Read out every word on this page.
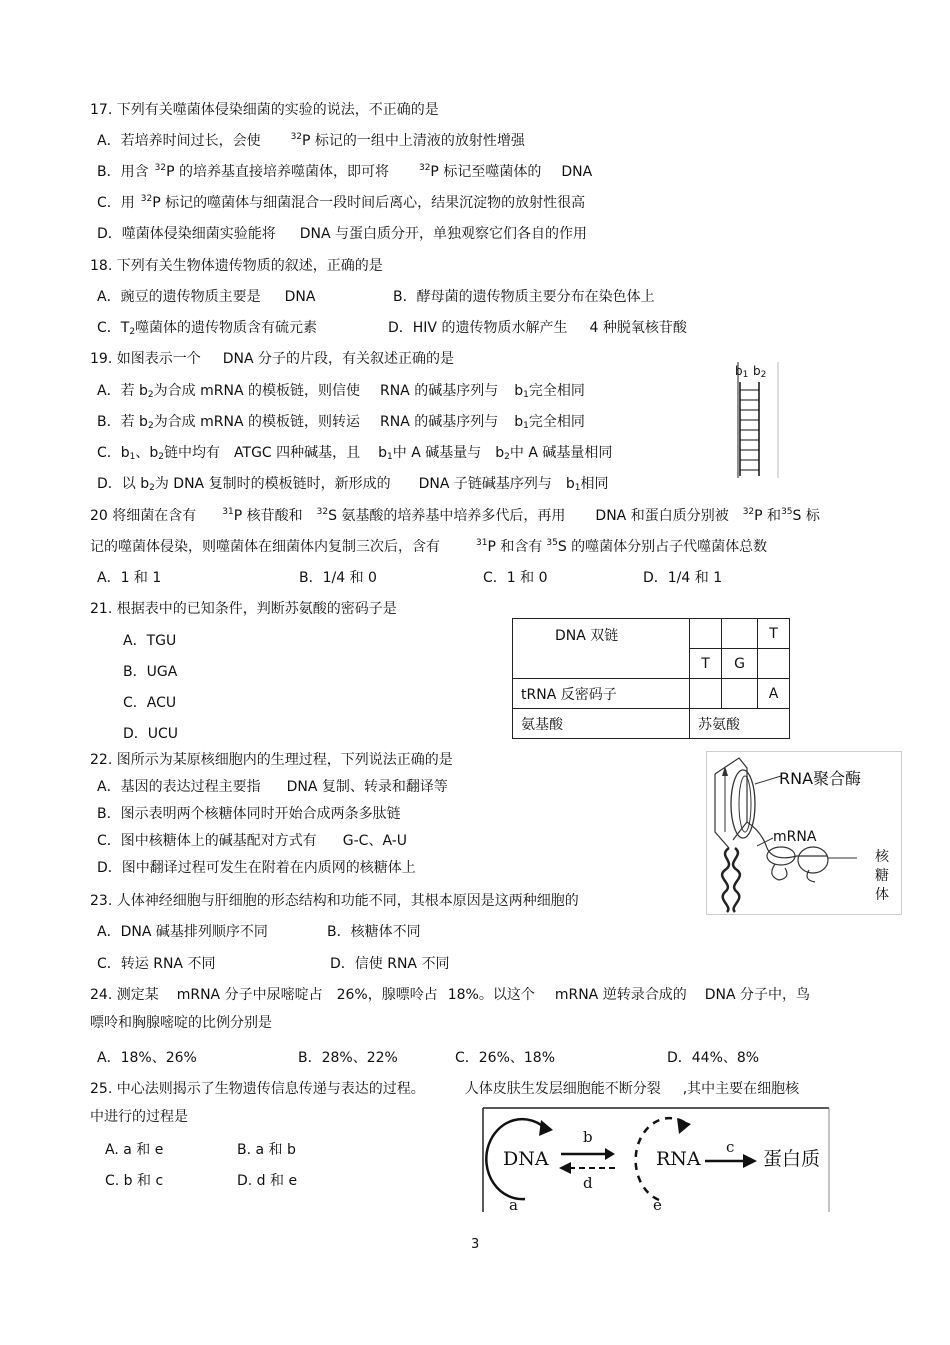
17. 下列有关噬菌体侵染细菌的实验的说法，不正确的是
A．若培养时间过长，会使	$^{32}$P 标记的一组中上清液的放射性增强
B．用含 $^{32}$P 的培养基直接培养噬菌体，即可将	$^{32}$P 标记至噬菌体的 DNA
C．用 $^{32}$P 标记的噬菌体与细菌混合一段时间后离心，结果沉淀物的放射性很高
D．噬菌体侵染细菌实验能将 DNA 与蛋白质分开，单独观察它们各自的作用
18. 下列有关生物体遗传物质的叙述，正确的是
A．豌豆的遗传物质主要是 DNA	B．酵母菌的遗传物质主要分布在染色体上
C．$T_2$噬菌体的遗传物质含有硫元素	D．HIV 的遗传物质水解产生 4 种脱氧核苷酸
19. 如图表示一个 DNA 分子的片段，有关叙述正确的是
A．若 $b_2$为合成 mRNA 的模板链，则信使 RNA 的碱基序列与 $b_1$完全相同
B．若 $b_2$为合成 mRNA 的模板链，则转运 RNA 的碱基序列与 $b_1$完全相同
C．$b_1$、$b_2$链中均有 ATGC 四种碱基，且 $b_1$中 A 碱基量与 $b_2$中 A 碱基量相同
D．以 $b_2$为 DNA 复制时的模板链时，新形成的 DNA 子链碱基序列与 $b_1$相同
$b_1$ $b_2$
20 将细菌在含有	$^{31}$P 核苷酸和 $^{32}$S 氨基酸的培养基中培养多代后，再用 DNA 和蛋白质分别被 $^{32}$P 和$^{35}$S 标
记的噬菌体侵染，则噬菌体在细菌体内复制三次后，含有	$^{31}$P 和含有 $^{35}$S 的噬菌体分别占子代噬菌体总数
A．1 和 1	B．1/4 和 0	C．1 和 0	D．1/4 和 1
21. 根据表中的已知条件，判断苏氨酸的密码子是
A．TGU
B．UGA
C．ACU
D．UCU
DNA 双链			T
	T	G	
tRNA 反密码子			A
氨基酸	苏氨酸		
22. 图所示为某原核细胞内的生理过程，下列说法正确的是
A．基因的表达过程主要指 DNA 复制、转录和翻译等
B．图示表明两个核糖体同时开始合成两条多肽链
C．图中核糖体上的碱基配对方式有 G-C、A-U
D．图中翻译过程可发生在附着在内质网的核糖体上
RNA聚合酶
mRNA
核
糖
体
23. 人体神经细胞与肝细胞的形态结构和功能不同，其根本原因是这两种细胞的
A．DNA 碱基排列顺序不同	B．核糖体不同
C．转运 RNA 不同	D．信使 RNA 不同
24. 测定某 mRNA 分子中尿嘧啶占 26%，腺嘌呤占 18%。以这个 mRNA 逆转录合成的 DNA 分子中，鸟
嘌呤和胸腺嘧啶的比例分别是
A．18%、26%	B．28%、22%	C．26%、18%	D．44%、8%
25. 中心法则揭示了生物遗传信息传递与表达的过程。	人体皮肤生发层细胞能不断分裂 ,其中主要在细胞核
中进行的过程是
A. a 和 e	B. a 和 b
C. b 和 c	D. d 和 e
DNA	RNA	蛋白质
b
d
c
a	e
3
